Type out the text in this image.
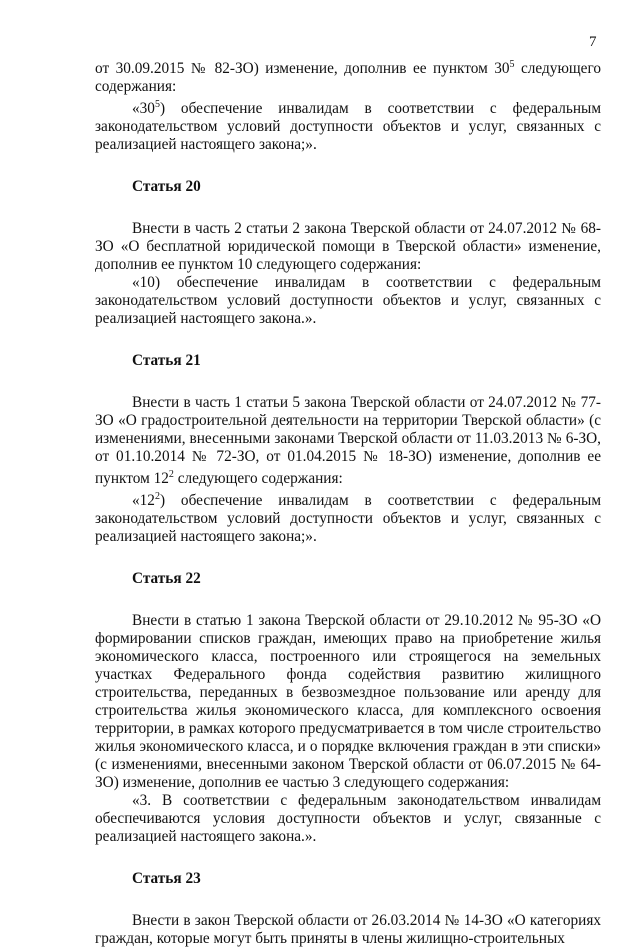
7

от 30.09.2015 № 82-ЗО) изменение, дополнив ее пунктом $30^5$ следующего содержания:

«$30^5$) обеспечение инвалидам в соответствии с федеральным законодательством условий доступности объектов и услуг, связанных с реализацией настоящего закона;».

Статья 20

Внести в часть 2 статьи 2 закона Тверской области от 24.07.2012 № 68-ЗО «О бесплатной юридической помощи в Тверской области» изменение, дополнив ее пунктом 10 следующего содержания:

«10) обеспечение инвалидам в соответствии с федеральным законодательством условий доступности объектов и услуг, связанных с реализацией настоящего закона.».

Статья 21

Внести в часть 1 статьи 5 закона Тверской области от 24.07.2012 № 77-ЗО «О градостроительной деятельности на территории Тверской области» (с изменениями, внесенными законами Тверской области от 11.03.2013 № 6-ЗО, от 01.10.2014 № 72-ЗО, от 01.04.2015 № 18-ЗО) изменение, дополнив ее пунктом $12^2$ следующего содержания:

«$12^2$) обеспечение инвалидам в соответствии с федеральным законодательством условий доступности объектов и услуг, связанных с реализацией настоящего закона;».

Статья 22

Внести в статью 1 закона Тверской области от 29.10.2012 № 95-ЗО «О формировании списков граждан, имеющих право на приобретение жилья экономического класса, построенного или строящегося на земельных участках Федерального фонда содействия развитию жилищного строительства, переданных в безвозмездное пользование или аренду для строительства жилья экономического класса, для комплексного освоения территории, в рамках которого предусматривается в том числе строительство жилья экономического класса, и о порядке включения граждан в эти списки» (с изменениями, внесенными законом Тверской области от 06.07.2015 № 64-ЗО) изменение, дополнив ее частью 3 следующего содержания:

«3. В соответствии с федеральным законодательством инвалидам обеспечиваются условия доступности объектов и услуг, связанные с реализацией настоящего закона.».

Статья 23

Внести в закон Тверской области от 26.03.2014 № 14-ЗО «О категориях граждан, которые могут быть приняты в члены жилищно-строительных
